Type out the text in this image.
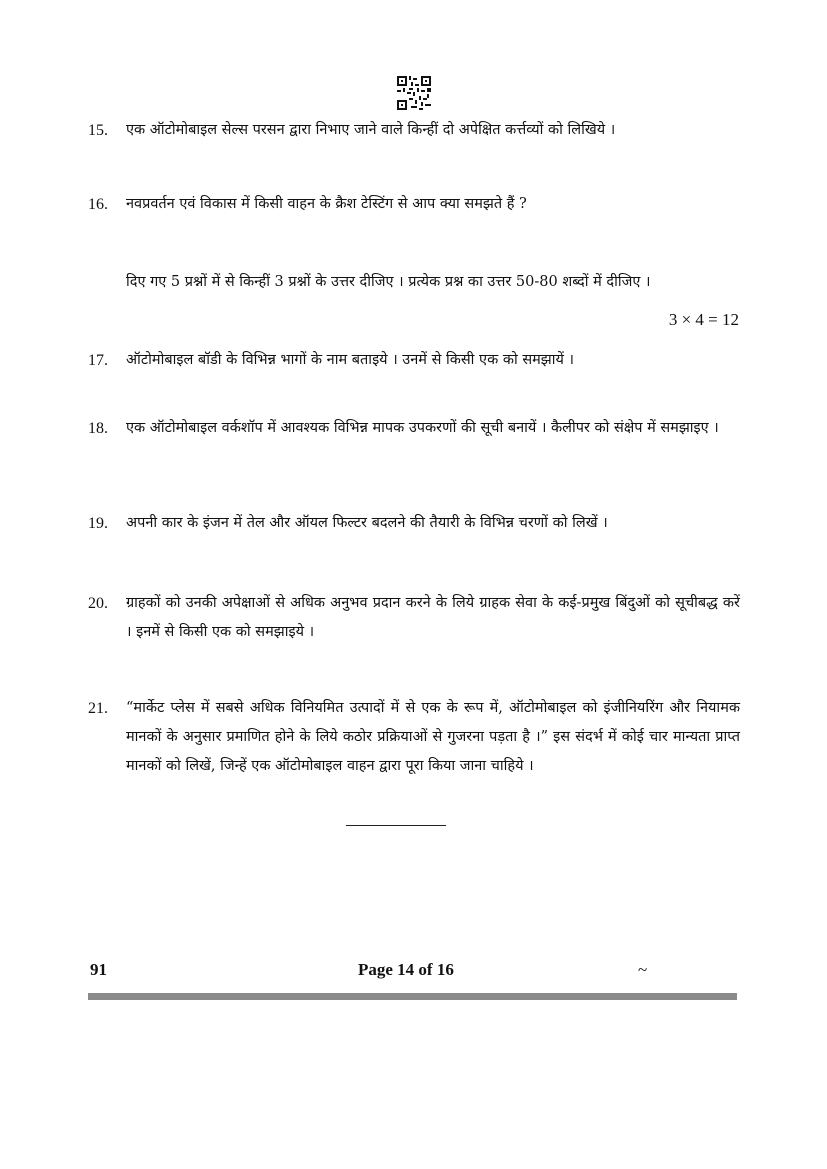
15.	एक ऑटोमोबाइल सेल्स परसन द्वारा निभाए जाने वाले किन्हीं दो अपेक्षित कर्त्तव्यों को लिखिये ।
16.	नवप्रवर्तन एवं विकास में किसी वाहन के क्रैश टेस्टिंग से आप क्या समझते हैं ?
दिए गए 5 प्रश्नों में से किन्हीं 3 प्रश्नों के उत्तर दीजिए । प्रत्येक प्रश्न का उत्तर 50-80 शब्दों में दीजिए ।
3 × 4 = 12
17.	ऑटोमोबाइल बॉडी के विभिन्न भागों के नाम बताइये । उनमें से किसी एक को समझायें ।
18.	एक ऑटोमोबाइल वर्कशॉप में आवश्यक विभिन्न मापक उपकरणों की सूची बनायें । कैलीपर को संक्षेप में समझाइए ।
19.	अपनी कार के इंजन में तेल और ऑयल फिल्टर बदलने की तैयारी के विभिन्न चरणों को लिखें ।
20.	ग्राहकों को उनकी अपेक्षाओं से अधिक अनुभव प्रदान करने के लिये ग्राहक सेवा के कई-प्रमुख बिंदुओं को सूचीबद्ध करें । इनमें से किसी एक को समझाइये ।
21.	“मार्केट प्लेस में सबसे अधिक विनियमित उत्पादों में से एक के रूप में, ऑटोमोबाइल को इंजीनियरिंग और नियामक मानकों के अनुसार प्रमाणित होने के लिये कठोर प्रक्रियाओं से गुजरना पड़ता है ।” इस संदर्भ में कोई चार मान्यता प्राप्त मानकों को लिखें, जिन्हें एक ऑटोमोबाइल वाहन द्वारा पूरा किया जाना चाहिये ।
91	Page 14 of 16	~
